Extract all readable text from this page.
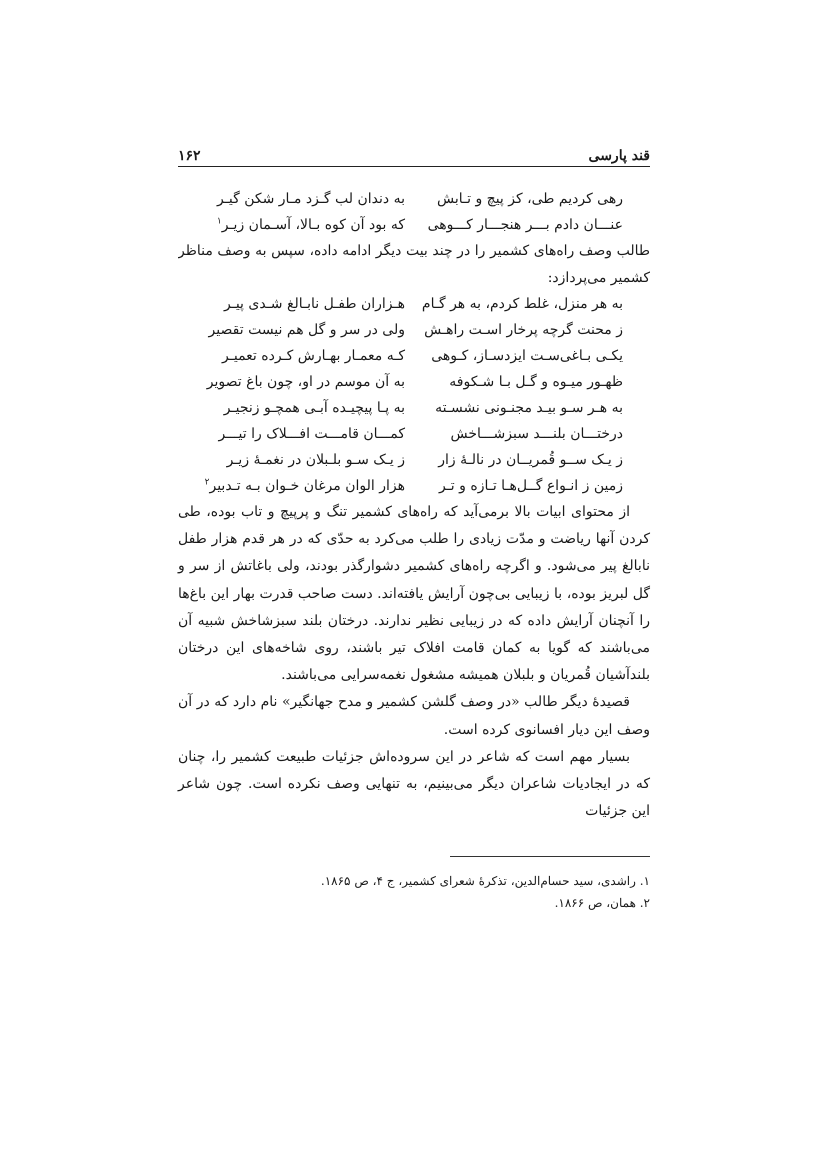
قند پارسی
۱۶۲
رهی کردیم طی، کز پیچ و تـابش
به دندان لب گـزد مـار شکن گیـر
عنـــان دادم بـــر هنجـــار کـــوهی
که بود آن کوه بـالا، آسـمان زیـر$^۱$

طالب وصف راه‌های کشمیر را در چند بیت دیگر ادامه داده، سپس به وصف مناظر کشمیر می‌پردازد:

به هر منزل، غلط کردم، به هر گـام
هـزاران طفـل نابـالغ شـدی پیـر
ز محنت گرچه پرخار اسـت راهـش
ولی در سر و گل هم نیست تقصیر
یکـی بـاغی‌سـت ایزدسـاز، کـوهی
کـه معمـار بهـارش کـرده تعمیـر
ظهـور میـوه و گـل بـا شـکوفه
به آن موسم در او، چون باغ تصویر
به هـر سـو بیـد مجنـونی نشسـته
به پـا پیچیـده آبـی همچـو زنجیـر
درختـــان بلنـــد سبزشـــاخش
کمـــان قامـــت افـــلاک را تیـــر
ز یـک ســو قُمریــان در نالـهٔ زار
ز یـک سـو بلـبلان در نغمـهٔ زیـر
زمین ز انـواع گــل‌هـا تـازه و تـر
هزار الوان مرغان خـوان بـه تـدبیر$^۲$

از محتوای ابیات بالا برمی‌آید که راه‌های کشمیر تنگ و پرپیچ و تاب بوده، طی کردن آنها ریاضت و مدّت زیادی را طلب می‌کرد به حدّی که در هر قدم هزار طفل نابالغ پیر می‌شود. و اگرچه راه‌های کشمیر دشوارگذر بودند، ولی باغاتش از سر و گل لبریز بوده، با زیبایی بی‌چون آرایش یافته‌اند. دست صاحب قدرت بهار این باغ‌ها را آنچنان آرایش داده که در زیبایی نظیر ندارند. درختان بلند سبزشاخش شبیه آن می‌باشند که گویا به کمان قامت افلاک تیر باشند، روی شاخه‌های این درختان بلندآشیان قُمریان و بلبلان همیشه مشغول نغمه‌سرایی می‌باشند.

قصیدهٔ دیگر طالب «در وصف گلشن کشمیر و مدح جهانگیر» نام دارد که در آن وصف این دیار افسانوی کرده است.

بسیار مهم است که شاعر در این سروده‌اش جزئیات طبیعت کشمیر را، چنان که در ایجادیات شاعران دیگر می‌بینیم، به تنهایی وصف نکرده است. چون شاعر این جزئیات

۱. راشدی، سید حسام‌الدین، تذکرهٔ شعرای کشمیر، ج ۴، ص ۱۸۶۵.

۲. همان، ص ۱۸۶۶.
